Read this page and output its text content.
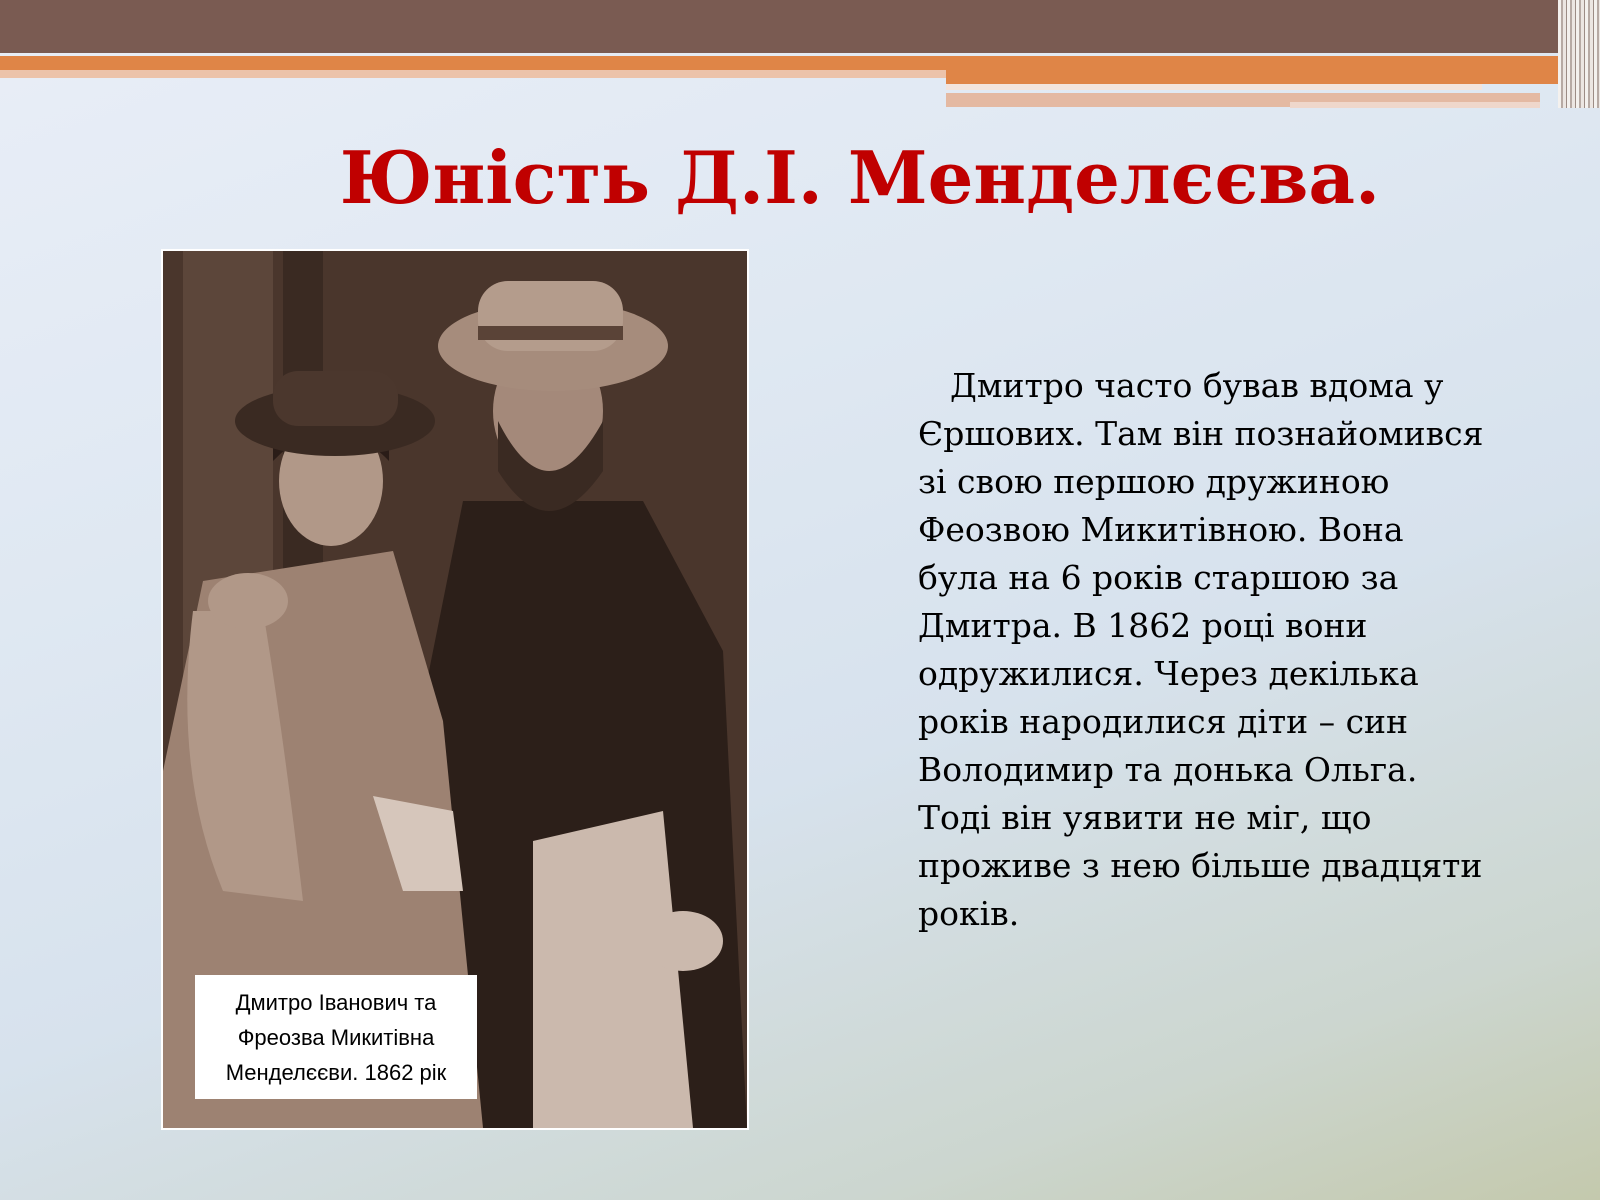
Юність Д.І. Менделєєва.
Дмитро Іванович та
Фреозва Микитівна
Менделєєви. 1862 рік

Дмитро часто бував вдома у Єршових. Там він познайомився зі свою першою дружиною Феозвою Микитівною. Вона була на 6 років старшою за Дмитра. В 1862 році вони одружилися. Через декілька років народилися діти – син Володимир та донька Ольга. Тоді він уявити не міг, що проживе з нею більше двадцяти років.
